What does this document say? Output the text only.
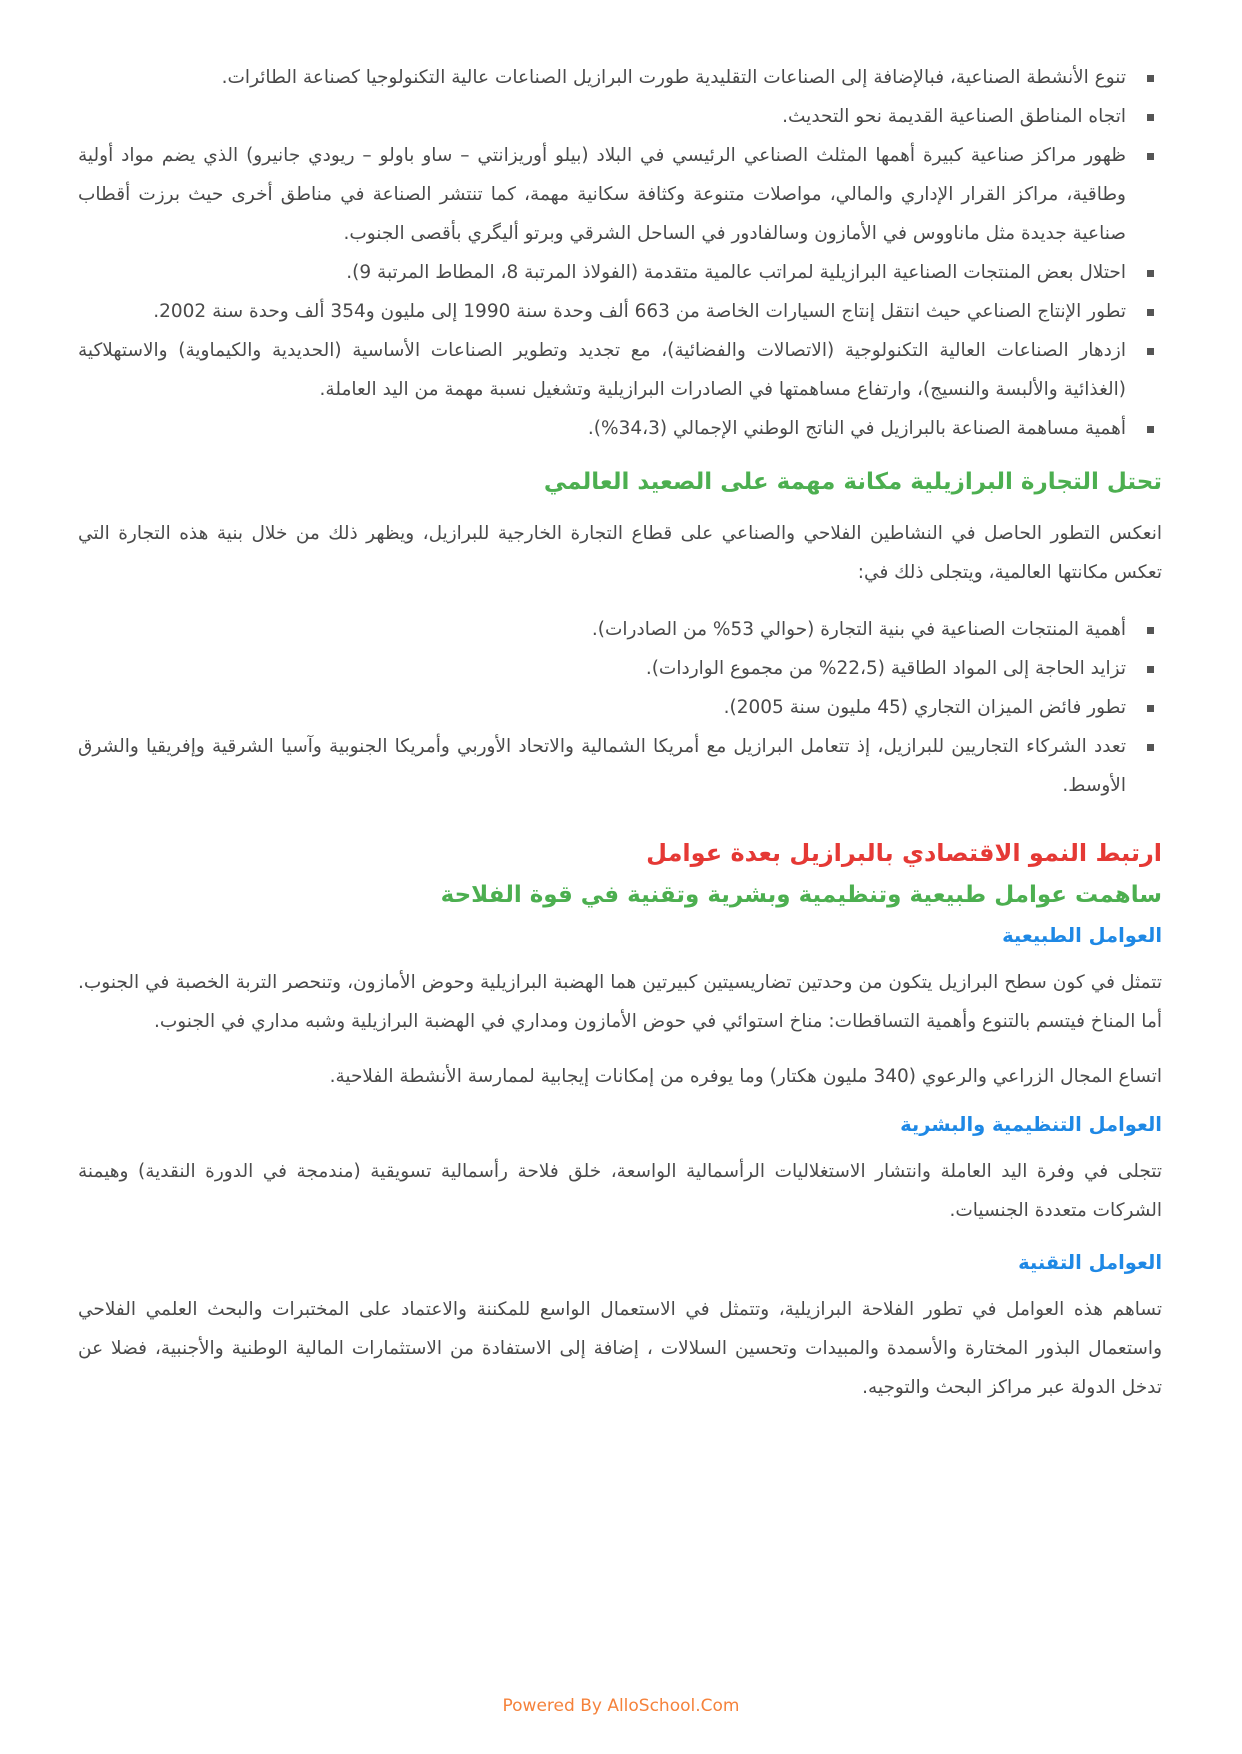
تنوع الأنشطة الصناعية، فبالإضافة إلى الصناعات التقليدية طورت البرازيل الصناعات عالية التكنولوجيا كصناعة الطائرات.
اتجاه المناطق الصناعية القديمة نحو التحديث.
ظهور مراكز صناعية كبيرة أهمها المثلث الصناعي الرئيسي في البلاد (بيلو أوريزانتي – ساو باولو – ريودي جانيرو) الذي يضم مواد أولية وطاقية، مراكز القرار الإداري والمالي، مواصلات متنوعة وكثافة سكانية مهمة، كما تنتشر الصناعة في مناطق أخرى حيث برزت أقطاب صناعية جديدة مثل ماناووس في الأمازون وسالفادور في الساحل الشرقي وبرتو أليگري بأقصى الجنوب.
احتلال بعض المنتجات الصناعية البرازيلية لمراتب عالمية متقدمة (الفولاذ المرتبة 8، المطاط المرتبة 9).
تطور الإنتاج الصناعي حيث انتقل إنتاج السيارات الخاصة من 663 ألف وحدة سنة 1990 إلى مليون و354 ألف وحدة سنة 2002.
ازدهار الصناعات العالية التكنولوجية (الاتصالات والفضائية)، مع تجديد وتطوير الصناعات الأساسية (الحديدية والكيماوية) والاستهلاكية (الغذائية والألبسة والنسيج)، وارتفاع مساهمتها في الصادرات البرازيلية وتشغيل نسبة مهمة من اليد العاملة.
أهمية مساهمة الصناعة بالبرازيل في الناتج الوطني الإجمالي (34،3%).
تحتل التجارة البرازيلية مكانة مهمة على الصعيد العالمي

انعكس التطور الحاصل في النشاطين الفلاحي والصناعي على قطاع التجارة الخارجية للبرازيل، ويظهر ذلك من خلال بنية هذه التجارة التي تعكس مكانتها العالمية، ويتجلى ذلك في:

أهمية المنتجات الصناعية في بنية التجارة (حوالي 53% من الصادرات).
تزايد الحاجة إلى المواد الطاقية (22،5% من مجموع الواردات).
تطور فائض الميزان التجاري (45 مليون سنة 2005).
تعدد الشركاء التجاريين للبرازيل، إذ تتعامل البرازيل مع أمريكا الشمالية والاتحاد الأوربي وأمريكا الجنوبية وآسيا الشرقية وإفريقيا والشرق الأوسط.
ارتبط النمو الاقتصادي بالبرازيل بعدة عوامل
ساهمت عوامل طبيعية وتنظيمية وبشرية وتقنية في قوة الفلاحة
العوامل الطبيعية

تتمثل في كون سطح البرازيل يتكون من وحدتين تضاريسيتين كبيرتين هما الهضبة البرازيلية وحوض الأمازون، وتنحصر التربة الخصبة في الجنوب. أما المناخ فيتسم بالتنوع وأهمية التساقطات: مناخ استوائي في حوض الأمازون ومداري في الهضبة البرازيلية وشبه مداري في الجنوب.

اتساع المجال الزراعي والرعوي (340 مليون هكتار) وما يوفره من إمكانات إيجابية لممارسة الأنشطة الفلاحية.

العوامل التنظيمية والبشرية

تتجلى في وفرة اليد العاملة وانتشار الاستغلاليات الرأسمالية الواسعة، خلق فلاحة رأسمالية تسويقية (مندمجة في الدورة النقدية) وهيمنة الشركات متعددة الجنسيات.

العوامل التقنية

تساهم هذه العوامل في تطور الفلاحة البرازيلية، وتتمثل في الاستعمال الواسع للمكننة والاعتماد على المختبرات والبحث العلمي الفلاحي واستعمال البذور المختارة والأسمدة والمبيدات وتحسين السلالات ، إضافة إلى الاستفادة من الاستثمارات المالية الوطنية والأجنبية، فضلا عن تدخل الدولة عبر مراكز البحث والتوجيه.

Powered By AlloSchool.Com
